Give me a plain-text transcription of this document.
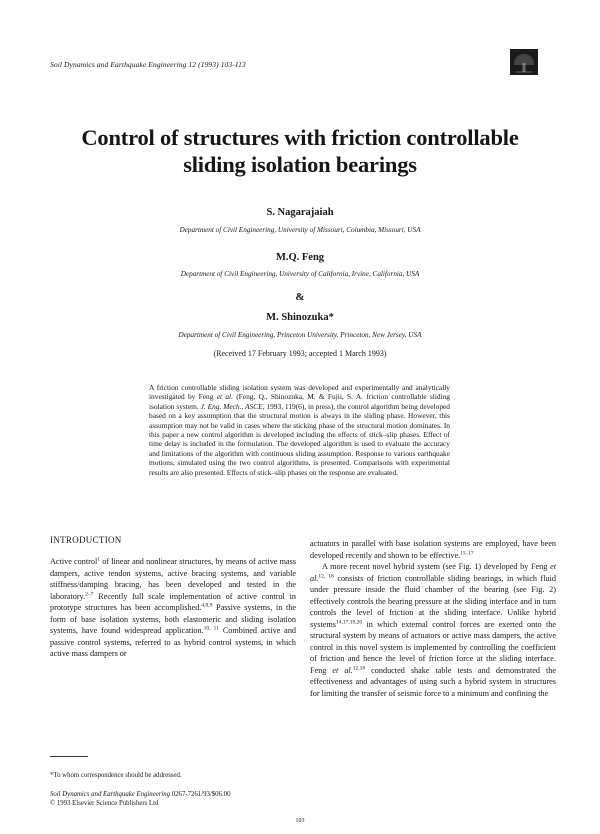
Soil Dynamics and Earthquake Engineering 12 (1993) 103-113
Control of structures with friction controllable
sliding isolation bearings
S. Nagarajaiah
Department of Civil Engineering, University of Missouri, Columbia, Missouri, USA
M.Q. Feng
Department of Civil Engineering, University of California, Irvine, California, USA
&
M. Shinozuka*
Department of Civil Engineering, Princeton University, Princeton, New Jersey, USA
(Received 17 February 1993; accepted 1 March 1993)
A friction controllable sliding isolation system was developed and experimentally and analytically investigated by Feng et al. (Feng, Q., Shinozuka, M. & Fujii, S. A. friction controllable sliding isolation system. J. Eng. Mech., ASCE, 1993, 119(6), in press), the control algorithm being developed based on a key assumption that the structural motion is always in the sliding phase. However, this assumption may not be valid in cases where the sticking phase of the structural motion dominates. In this paper a new control algorithm is developed including the effects of stick–slip phases. Effect of time delay is included in the formulation. The developed algorithm is used to evaluate the accuracy and limitations of the algorithm with continuous sliding assumption. Response to various earthquake motions, simulated using the two control algorithms, is presented. Comparisons with experimental results are also presented. Effects of stick–slip phases on the response are evaluated.
INTRODUCTION

Active control$^1$ of linear and nonlinear structures, by means of active mass dampers, active tendon systems, active bracing systems, and variable stiffness/damping bracing, has been developed and tested in the laboratory.$^{2-7}$ Recently full scale implementation of active control in prototype structures has been accomplished.$^{4,8,9}$ Passive systems, in the form of base isolation systems, both elastomeric and sliding isolation systems, have found widespread application.$^{10, 11}$ Combined active and passive control systems, referred to as hybrid control systems, in which active mass dampers or

actuators in parallel with base isolation systems are employed, have been developed recently and shown to be effective.$^{11-17}$

A more recent novel hybrid system (see Fig. 1) developed by Feng et al.$^{12, 18}$ consists of friction controllable sliding bearings, in which fluid under pressure inside the fluid chamber of the bearing (see Fig. 2) effectively controls the bearing pressure at the sliding interface and in turn controls the level of friction at the sliding interface. Unlike hybrid systems$^{14,17,19,20}$ in which external control forces are exerted onto the structural system by means of actuators or active mass dampers, the active control in this novel system is implemented by controlling the coefficient of friction and hence the level of friction force at the sliding interface. Feng et al.$^{12,18}$ conducted shake table tests and demonstrated the effectiveness and advantages of using such a hybrid system in structures for limiting the transfer of seismic force to a minimum and confining the

*To whom correspondence should be addressed.
Soil Dynamics and Earthquake Engineering 0267-7261/93/$06.00
© 1993 Elsevier Science Publishers Ltd
103
